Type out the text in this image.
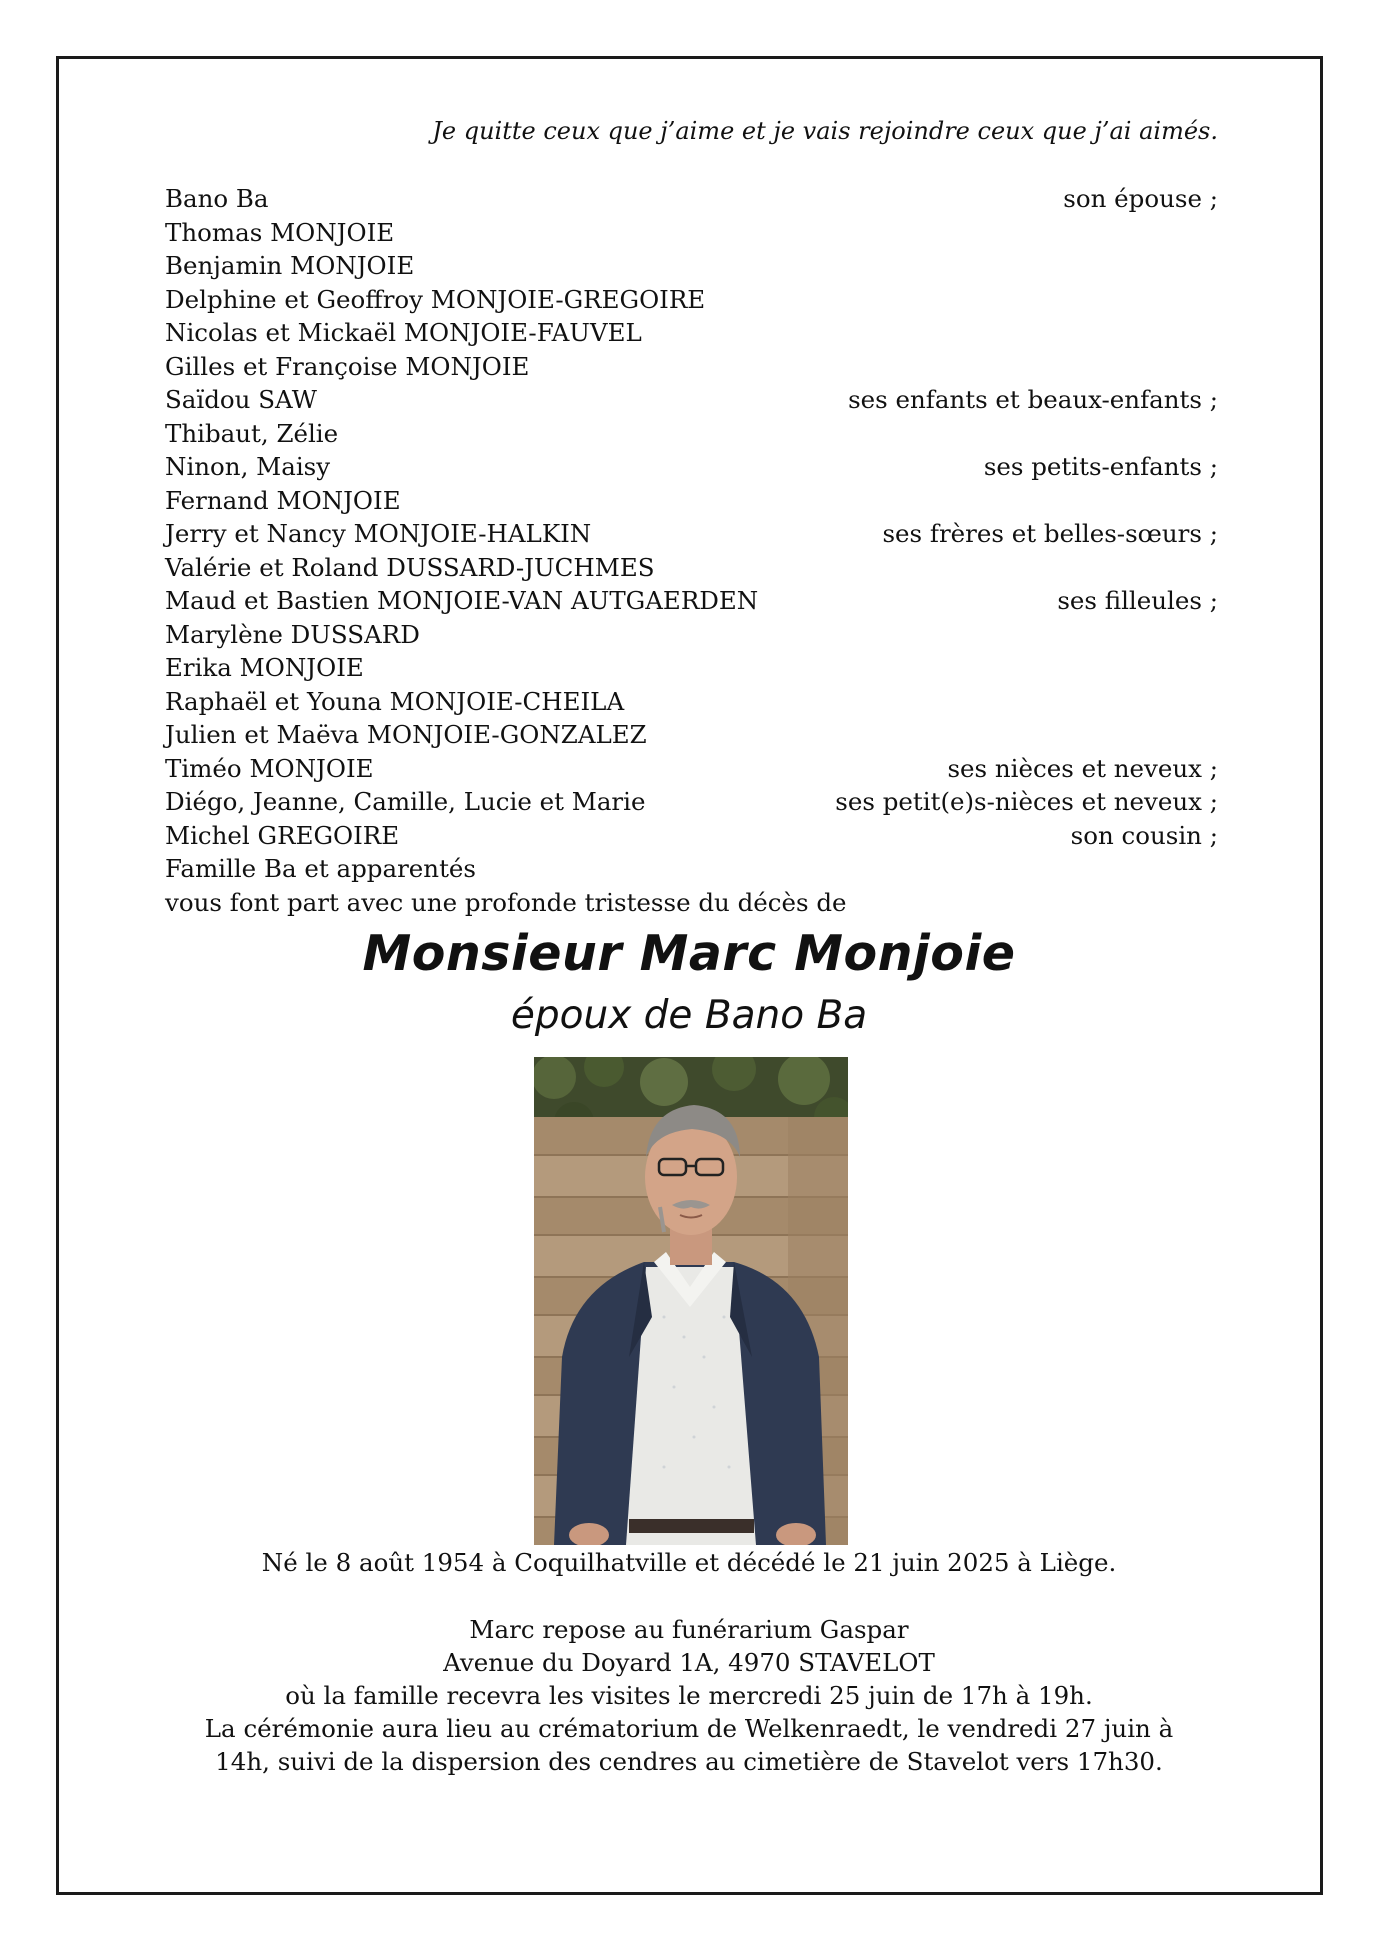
Je quitte ceux que j’aime et je vais rejoindre ceux que j’ai aimés.
Bano Ba	son épouse ;
Thomas MONJOIE
Benjamin MONJOIE
Delphine et Geoffroy MONJOIE-GREGOIRE
Nicolas et Mickaël MONJOIE-FAUVEL
Gilles et Françoise MONJOIE
Saïdou SAW	ses enfants et beaux-enfants ;
Thibaut, Zélie
Ninon, Maisy	ses petits-enfants ;
Fernand MONJOIE
Jerry et Nancy MONJOIE-HALKIN	ses frères et belles-sœurs ;
Valérie et Roland DUSSARD-JUCHMES
Maud et Bastien MONJOIE-VAN AUTGAERDEN	ses filleules ;
Marylène DUSSARD
Erika MONJOIE
Raphaël et Youna MONJOIE-CHEILA
Julien et Maëva MONJOIE-GONZALEZ
Timéo MONJOIE	ses nièces et neveux ;
Diégo, Jeanne, Camille, Lucie et Marie	ses petit(e)s-nièces et neveux ;
Michel GREGOIRE	son cousin ;
Famille Ba et apparentés
vous font part avec une profonde tristesse du décès de
Monsieur Marc Monjoie
époux de Bano Ba

Né le 8 août 1954 à Coquilhatville et décédé le 21 juin 2025 à Liège.

Marc repose au funérarium Gaspar

Avenue du Doyard 1A, 4970 STAVELOT

où la famille recevra les visites le mercredi 25 juin de 17h à 19h.

La cérémonie aura lieu au crématorium de Welkenraedt, le vendredi 27 juin à

14h, suivi de la dispersion des cendres au cimetière de Stavelot vers 17h30.
